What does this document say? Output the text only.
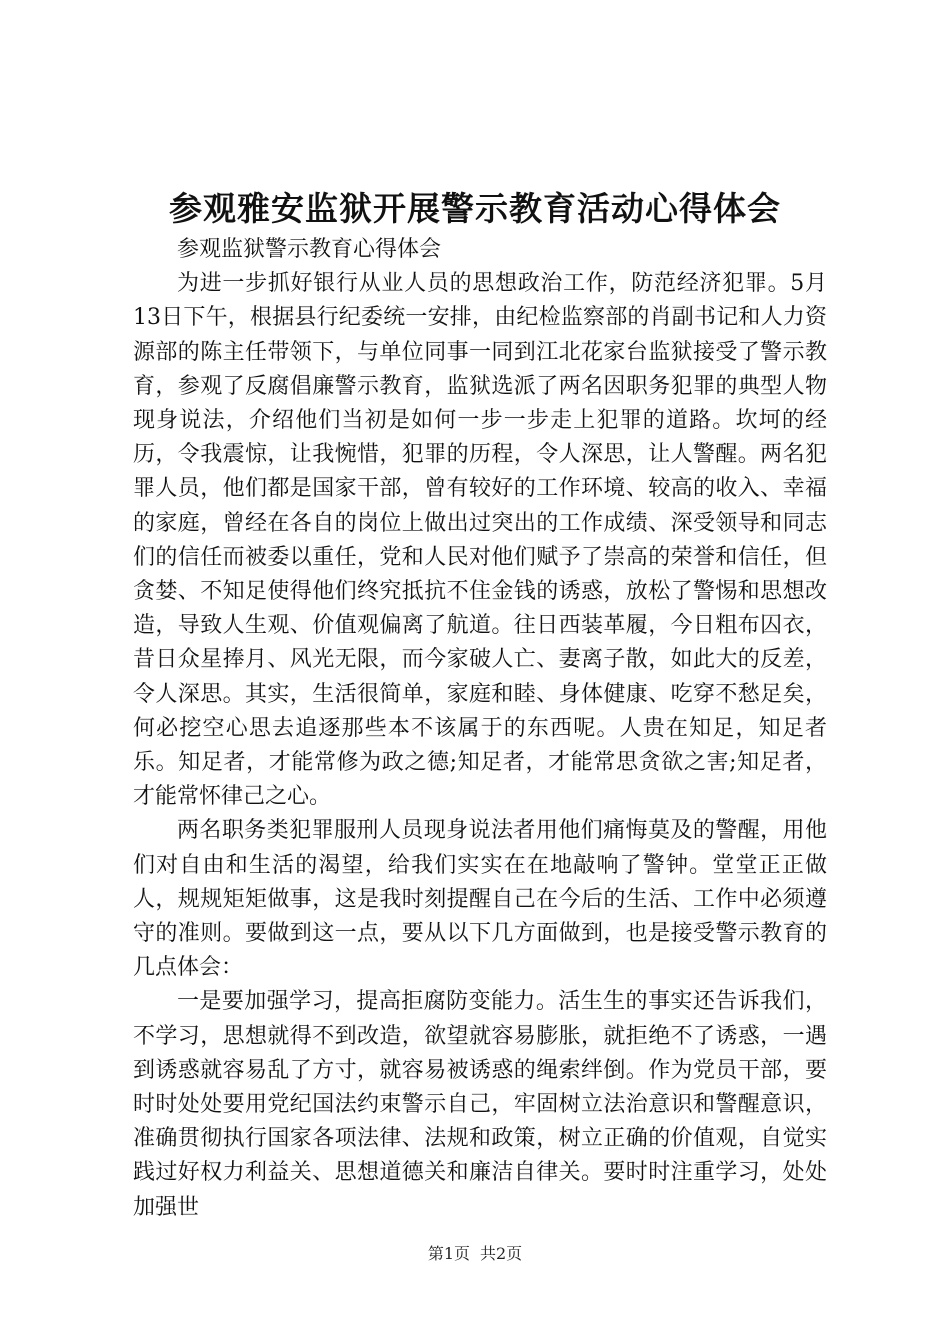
参观雅安监狱开展警示教育活动心得体会

参观监狱警示教育心得体会

为进一步抓好银行从业人员的思想政治工作，防范经济犯罪。5月13日下午，根据县行纪委统一安排，由纪检监察部的肖副书记和人力资源部的陈主任带领下，与单位同事一同到江北花家台监狱接受了警示教育，参观了反腐倡廉警示教育，监狱选派了两名因职务犯罪的典型人物现身说法，介绍他们当初是如何一步一步走上犯罪的道路。坎坷的经历，令我震惊，让我惋惜，犯罪的历程，令人深思，让人警醒。两名犯罪人员，他们都是国家干部，曾有较好的工作环境、较高的收入、幸福的家庭，曾经在各自的岗位上做出过突出的工作成绩、深受领导和同志们的信任而被委以重任，党和人民对他们赋予了崇高的荣誉和信任，但贪婪、不知足使得他们终究抵抗不住金钱的诱惑，放松了警惕和思想改造，导致人生观、价值观偏离了航道。往日西装革履，今日粗布囚衣，昔日众星捧月、风光无限，而今家破人亡、妻离子散，如此大的反差，令人深思。其实，生活很简单，家庭和睦、身体健康、吃穿不愁足矣，何必挖空心思去追逐那些本不该属于的东西呢。人贵在知足，知足者乐。知足者，才能常修为政之德;知足者，才能常思贪欲之害;知足者，才能常怀律己之心。

两名职务类犯罪服刑人员现身说法者用他们痛悔莫及的警醒，用他们对自由和生活的渴望，给我们实实在在地敲响了警钟。堂堂正正做人，规规矩矩做事，这是我时刻提醒自己在今后的生活、工作中必须遵守的准则。要做到这一点，要从以下几方面做到，也是接受警示教育的几点体会：

一是要加强学习，提高拒腐防变能力。活生生的事实还告诉我们，不学习，思想就得不到改造，欲望就容易膨胀，就拒绝不了诱惑，一遇到诱惑就容易乱了方寸，就容易被诱惑的绳索绊倒。作为党员干部，要时时处处要用党纪国法约束警示自己，牢固树立法治意识和警醒意识，准确贯彻执行国家各项法律、法规和政策，树立正确的价值观，自觉实践过好权力利益关、思想道德关和廉洁自律关。要时时注重学习，处处加强世

第1页 共2页
